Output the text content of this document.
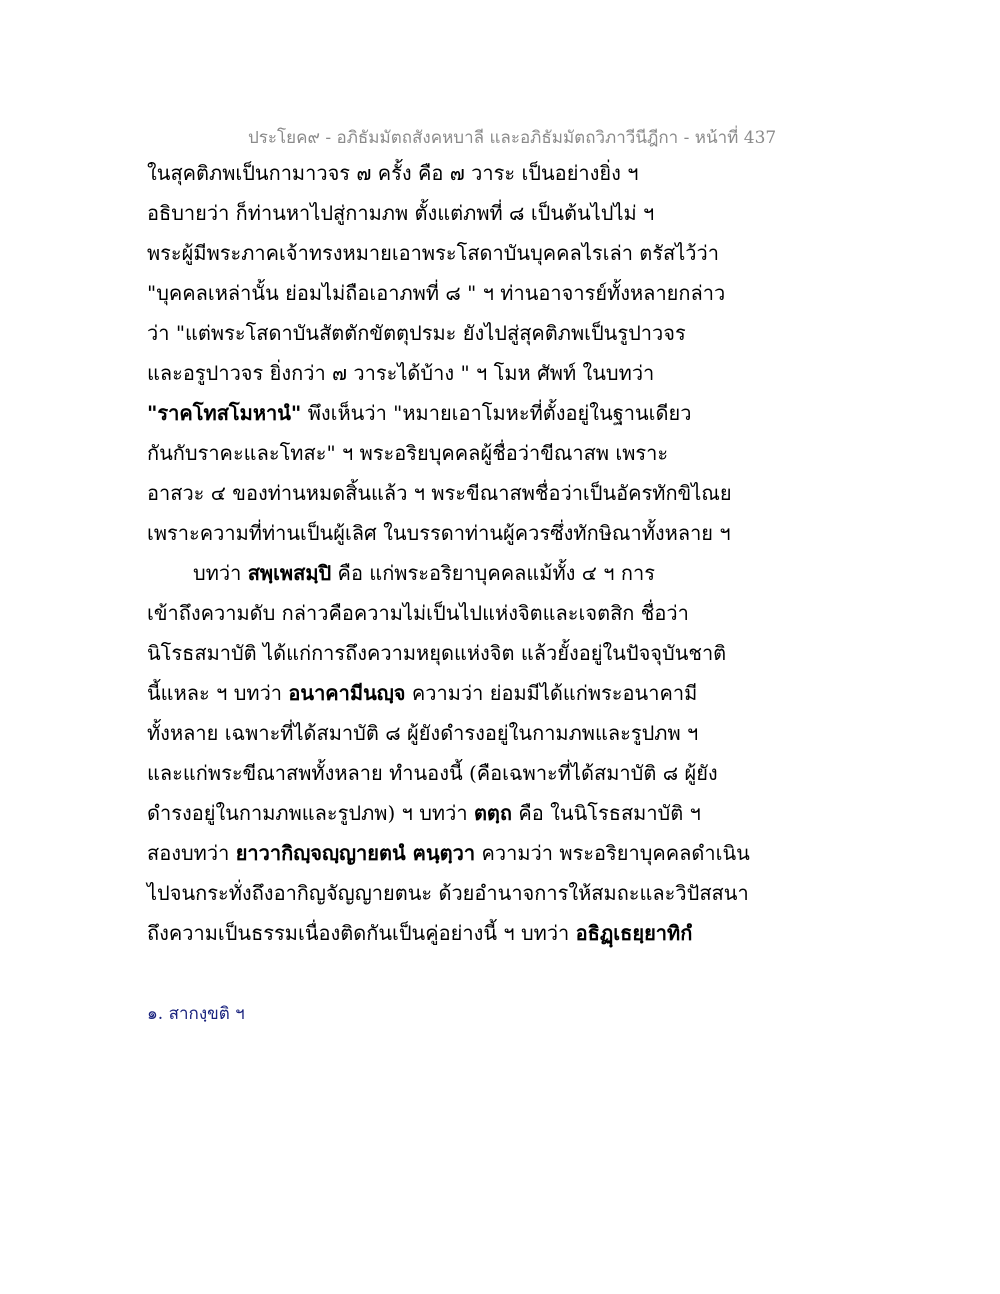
ประโยค๙ - อภิธัมมัตถสังคหบาลี และอภิธัมมัตถวิภาวีนีฎีกา - หน้าที่ 437
ในสุคติภพเป็นกามาวจร ๗ ครั้ง คือ ๗ วาระ เป็นอย่างยิ่ง ฯ
อธิบายว่า ก็ท่านหาไปสู่กามภพ ตั้งแต่ภพที่ ๘ เป็นต้นไปไม่ ฯ
พระผู้มีพระภาคเจ้าทรงหมายเอาพระโสดาบันบุคคลไรเล่า ตรัสไว้ว่า
"บุคคลเหล่านั้น ย่อมไม่ถือเอาภพที่ ๘ " ฯ ท่านอาจารย์ทั้งหลายกล่าว
ว่า "แต่พระโสดาบันสัตตักขัตตุปรมะ ยังไปสู่สุคติภพเป็นรูปาวจร
และอรูปาวจร ยิ่งกว่า ๗ วาระได้บ้าง " ฯ โมห ศัพท์ ในบทว่า
"ราคโทสโมหานํ" พึงเห็นว่า "หมายเอาโมหะที่ตั้งอยู่ในฐานเดียว
กันกับราคะและโทสะ" ฯ พระอริยบุคคลผู้ชื่อว่าขีณาสพ เพราะ
อาสวะ ๔ ของท่านหมดสิ้นแล้ว ฯ พระขีณาสพชื่อว่าเป็นอัครทักขิไณย
เพราะความที่ท่านเป็นผู้เลิศ ในบรรดาท่านผู้ควรซึ่งทักษิณาทั้งหลาย ฯ
บทว่า สพฺเพสมฺปิ คือ แก่พระอริยาบุคคลแม้ทั้ง ๔ ฯ การ
เข้าถึงความดับ กล่าวคือความไม่เป็นไปแห่งจิตและเจตสิก ชื่อว่า
นิโรธสมาบัติ ได้แก่การถึงความหยุดแห่งจิต แล้วยั้งอยู่ในปัจจุบันชาติ
นี้แหละ ฯ บทว่า อนาคามีนญฺจ ความว่า ย่อมมีได้แก่พระอนาคามี
ทั้งหลาย เฉพาะที่ได้สมาบัติ ๘ ผู้ยังดำรงอยู่ในกามภพและรูปภพ ฯ
และแก่พระขีณาสพทั้งหลาย ทำนองนี้ (คือเฉพาะที่ได้สมาบัติ ๘ ผู้ยัง
ดำรงอยู่ในกามภพและรูปภพ) ฯ บทว่า ตตฺถ คือ ในนิโรธสมาบัติ ฯ
สองบทว่า ยาวากิญฺจญฺญายตนํ ฅนฺตฺวา ความว่า พระอริยาบุคคลดำเนิน
ไปจนกระทั่งถึงอากิญจัญญายตนะ ด้วยอำนาจการให้สมถะและวิปัสสนา
ถึงความเป็นธรรมเนื่องติดกันเป็นคู่อย่างนี้ ฯ บทว่า อธิฏฺเธยฺยาทิกํ
๑. สากงฺขติ ฯ
